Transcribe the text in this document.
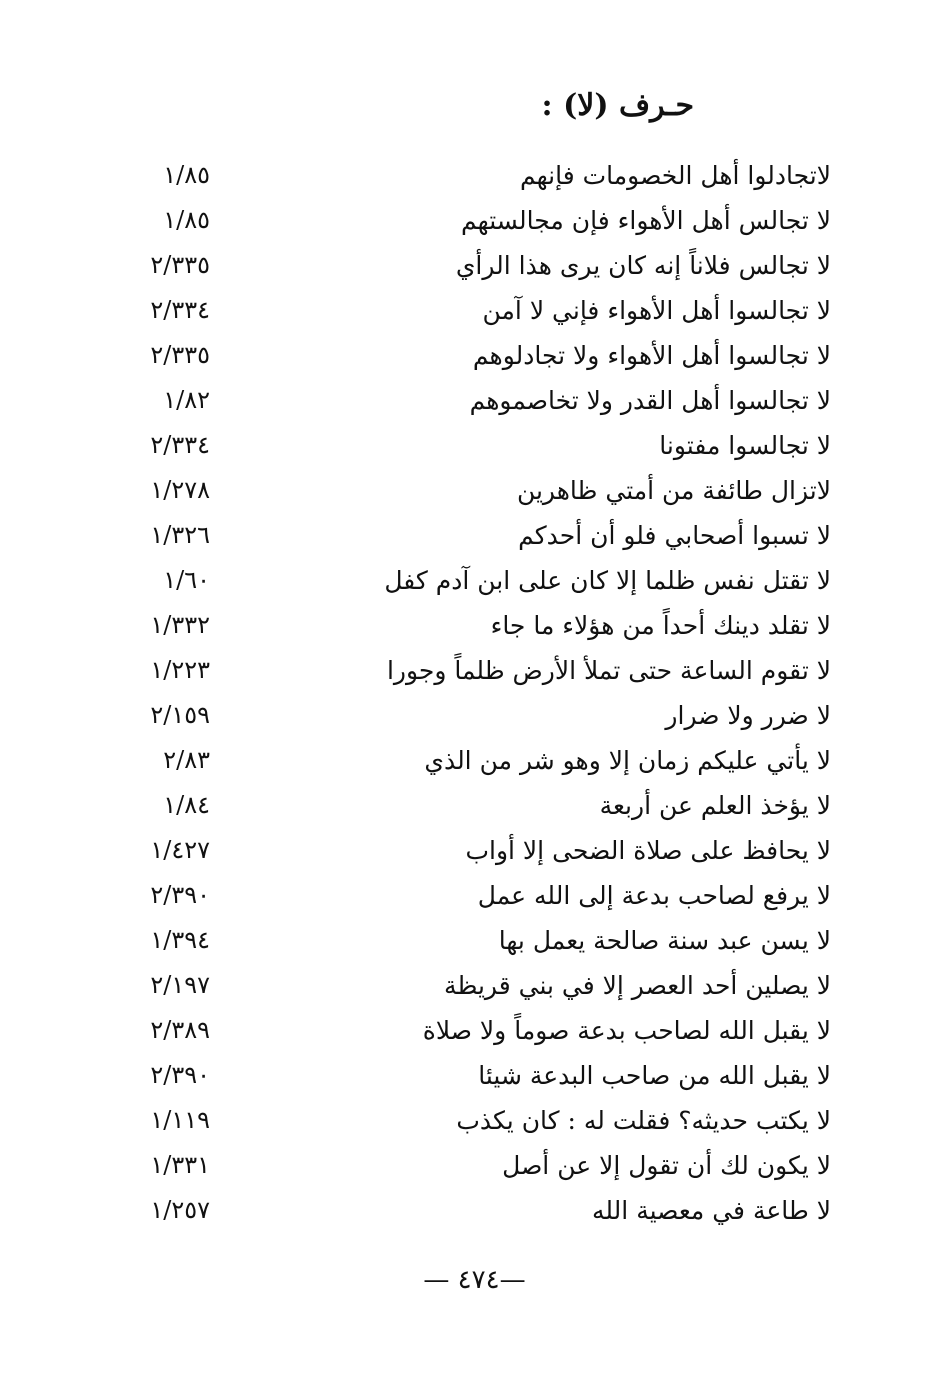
حـرف (لا) :
لاتجادلوا أهل الخصومات فإنهم
١/٨٥
لا تجالس أهل الأهواء فإن مجالستهم
١/٨٥
لا تجالس فلاناً إنه كان يرى هذا الرأي
٢/٣٣٥
لا تجالسوا أهل الأهواء فإني لا آمن
٢/٣٣٤
لا تجالسوا أهل الأهواء ولا تجادلوهم
٢/٣٣٥
لا تجالسوا أهل القدر ولا تخاصموهم
١/٨٢
لا تجالسوا مفتونا
٢/٣٣٤
لاتزال طائفة من أمتي ظاهرين
١/٢٧٨
لا تسبوا أصحابي فلو أن أحدكم
١/٣٢٦
لا تقتل نفس ظلما إلا كان على ابن آدم كفل
١/٦٠
لا تقلد دينك أحداً من هؤلاء ما جاء
١/٣٣٢
لا تقوم الساعة حتى تملأ الأرض ظلماً وجورا
١/٢٢٣
لا ضرر ولا ضرار
٢/١٥٩
لا يأتي عليكم زمان إلا وهو شر من الذي
٢/٨٣
لا يؤخذ العلم عن أربعة
١/٨٤
لا يحافظ على صلاة الضحى إلا أواب
١/٤٢٧
لا يرفع لصاحب بدعة إلى الله عمل
٢/٣٩٠
لا يسن عبد سنة صالحة يعمل بها
١/٣٩٤
لا يصلين أحد العصر إلا في بني قريظة
٢/١٩٧
لا يقبل الله لصاحب بدعة صوماً ولا صلاة
٢/٣٨٩
لا يقبل الله من صاحب البدعة شيئا
٢/٣٩٠
لا يكتب حديثه؟ فقلت له : كان يكذب
١/١١٩
لا يكون لك أن تقول إلا عن أصل
١/٣٣١
لا طاعة في معصية الله
١/٢٥٧
— ٤٧٤—
